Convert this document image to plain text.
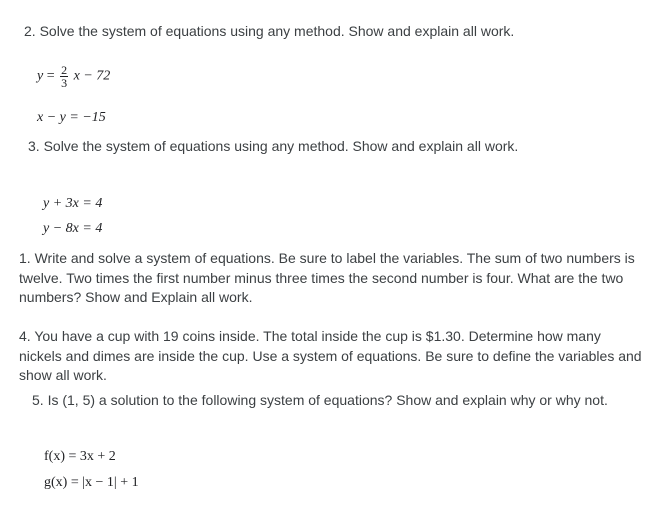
2. Solve the system of equations using any method. Show and explain all work.
$y = \frac{2}{3}$ x − 72
x − y = −15
3. Solve the system of equations using any method. Show and explain all work.
y + 3x = 4
y − 8x = 4
1. Write and solve a system of equations. Be sure to label the variables. The sum of two numbers is twelve. Two times the first number minus three times the second number is four. What are the two numbers? Show and Explain all work.
4. You have a cup with 19 coins inside. The total inside the cup is $1.30. Determine how many nickels and dimes are inside the cup. Use a system of equations. Be sure to define the variables and show all work.
5. Is (1, 5) a solution to the following system of equations? Show and explain why or why not.
f(x) = 3x + 2
g(x) = |x − 1| + 1
